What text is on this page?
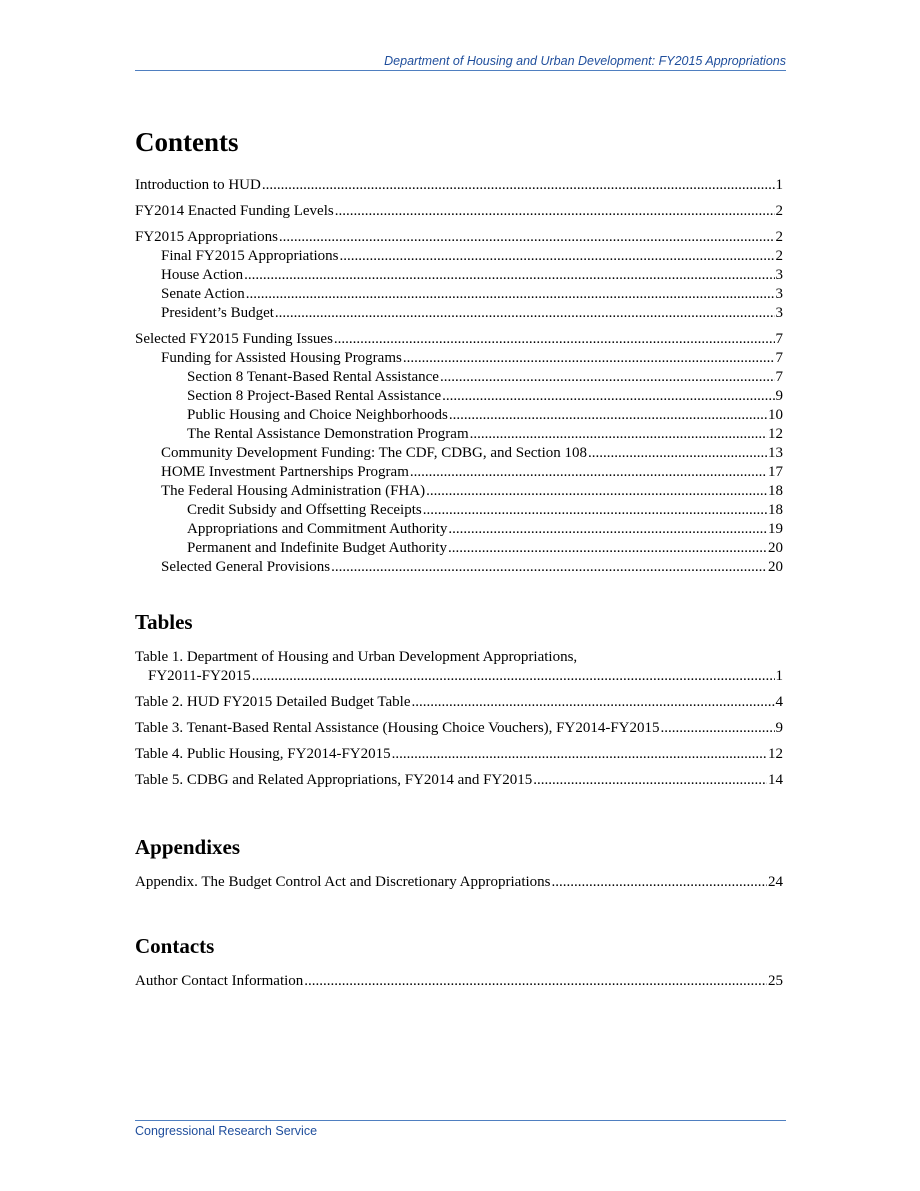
Department of Housing and Urban Development: FY2015 Appropriations
Contents
Introduction to HUD .....	1
FY2014 Enacted Funding Levels .....	2
FY2015 Appropriations .....	2
Final FY2015 Appropriations .....	2
House Action .....	3
Senate Action .....	3
President’s Budget .....	3
Selected FY2015 Funding Issues .....	7
Funding for Assisted Housing Programs .....	7
Section 8 Tenant-Based Rental Assistance .....	7
Section 8 Project-Based Rental Assistance .....	9
Public Housing and Choice Neighborhoods .....	10
The Rental Assistance Demonstration Program .....	12
Community Development Funding: The CDF, CDBG, and Section 108 .....	13
HOME Investment Partnerships Program .....	17
The Federal Housing Administration (FHA) .....	18
Credit Subsidy and Offsetting Receipts .....	18
Appropriations and Commitment Authority .....	19
Permanent and Indefinite Budget Authority .....	20
Selected General Provisions .....	20
Tables
Table 1. Department of Housing and Urban Development Appropriations,
FY2011-FY2015 .....	1
Table 2. HUD FY2015 Detailed Budget Table .....	4
Table 3. Tenant-Based Rental Assistance (Housing Choice Vouchers), FY2014-FY2015 .....	9
Table 4. Public Housing, FY2014-FY2015 .....	12
Table 5. CDBG and Related Appropriations, FY2014 and FY2015 .....	14
Appendixes
Appendix. The Budget Control Act and Discretionary Appropriations .....	24
Contacts
Author Contact Information .....	25
Congressional Research Service
